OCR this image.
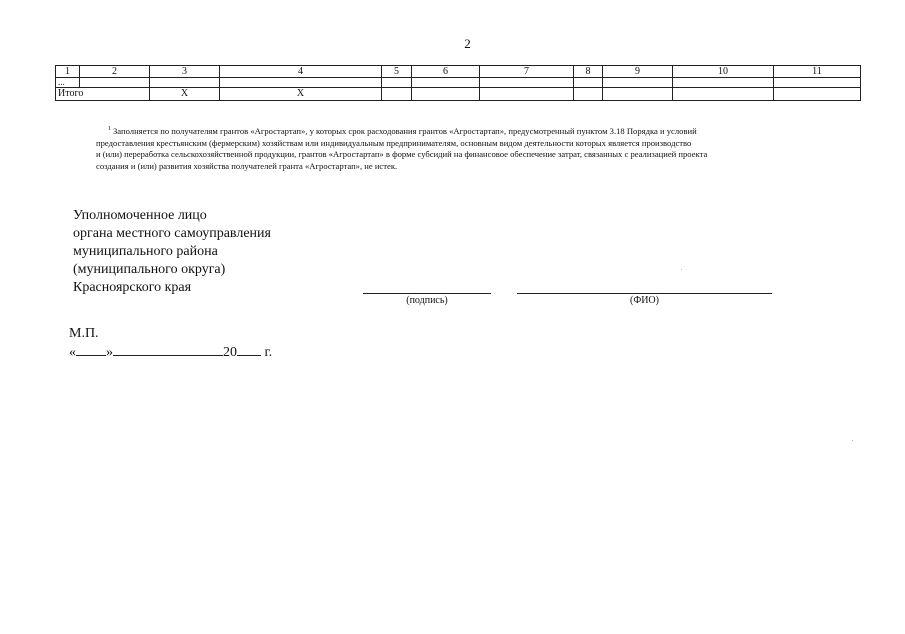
2
1	2	3	4	5	6	7	8	9	10	11
...										
Итого		Х	Х							
$^1$ Заполняется по получателям грантов «Агростартап», у которых срок расходования грантов «Агростартап», предусмотренный пунктом 3.18 Порядка и условий
предоставления крестьянским (фермерским) хозяйствам или индивидуальным предпринимателям, основным видом деятельности которых является производство
и (или) переработка сельскохозяйственной продукции, грантов «Агростартап» в форме субсидий на финансовое обеспечение затрат, связанных с реализацией проекта
создания и (или) развития хозяйства получателей гранта «Агростартап», не истек.
Уполномоченное лицо
органа местного самоуправления
муниципального района
(муниципального округа)
Красноярского края
(подпись)	(ФИО)
М.П.
« »	20 г.
